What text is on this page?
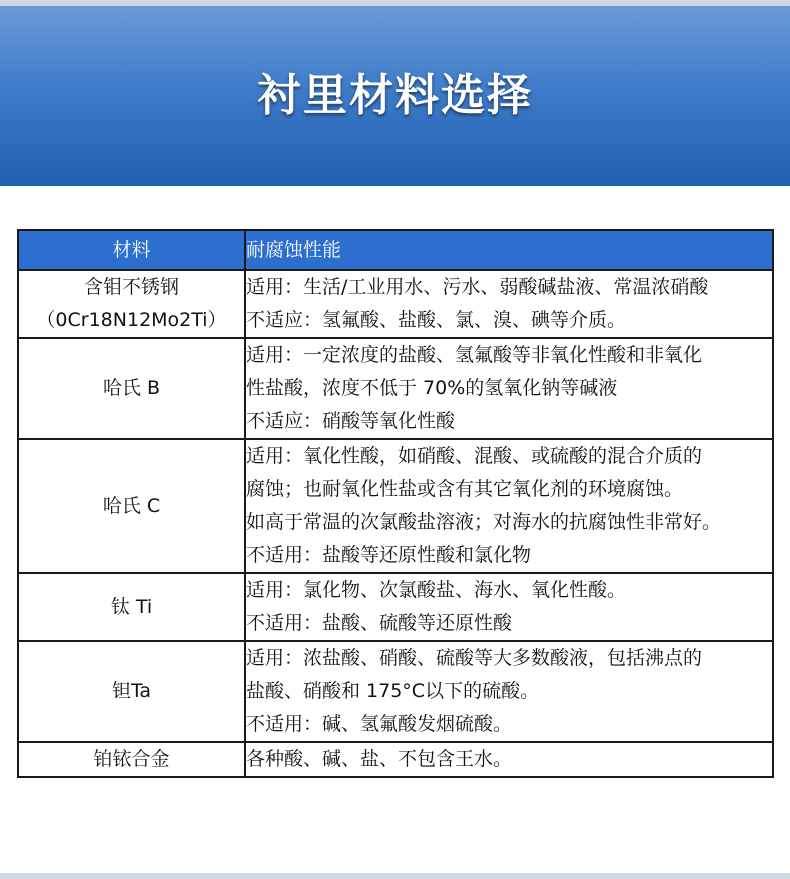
衬里材料选择
材料	耐腐蚀性能

含钼不锈钢
（0Cr18N12Mo2Ti）	适用：生活/工业用水、污水、弱酸碱盐液、常温浓硝酸
不适应：氢氟酸、盐酸、氯、溴、碘等介质。

哈氏 B	适用：一定浓度的盐酸、氢氟酸等非氧化性酸和非氧化
性盐酸，浓度不低于 70%的氢氧化钠等碱液
不适应：硝酸等氧化性酸

哈氏 C	适用：氧化性酸，如硝酸、混酸、或硫酸的混合介质的
腐蚀；也耐氧化性盐或含有其它氧化剂的环境腐蚀。
如高于常温的次氯酸盐溶液；对海水的抗腐蚀性非常好。
不适用：盐酸等还原性酸和氯化物

钛 Ti	适用：氯化物、次氯酸盐、海水、氧化性酸。
不适用：盐酸、硫酸等还原性酸

钽Ta	适用：浓盐酸、硝酸、硫酸等大多数酸液，包括沸点的
盐酸、硝酸和 175°C以下的硫酸。
不适用：碱、氢氟酸发烟硫酸。

铂铱合金	各种酸、碱、盐、不包含王水。
